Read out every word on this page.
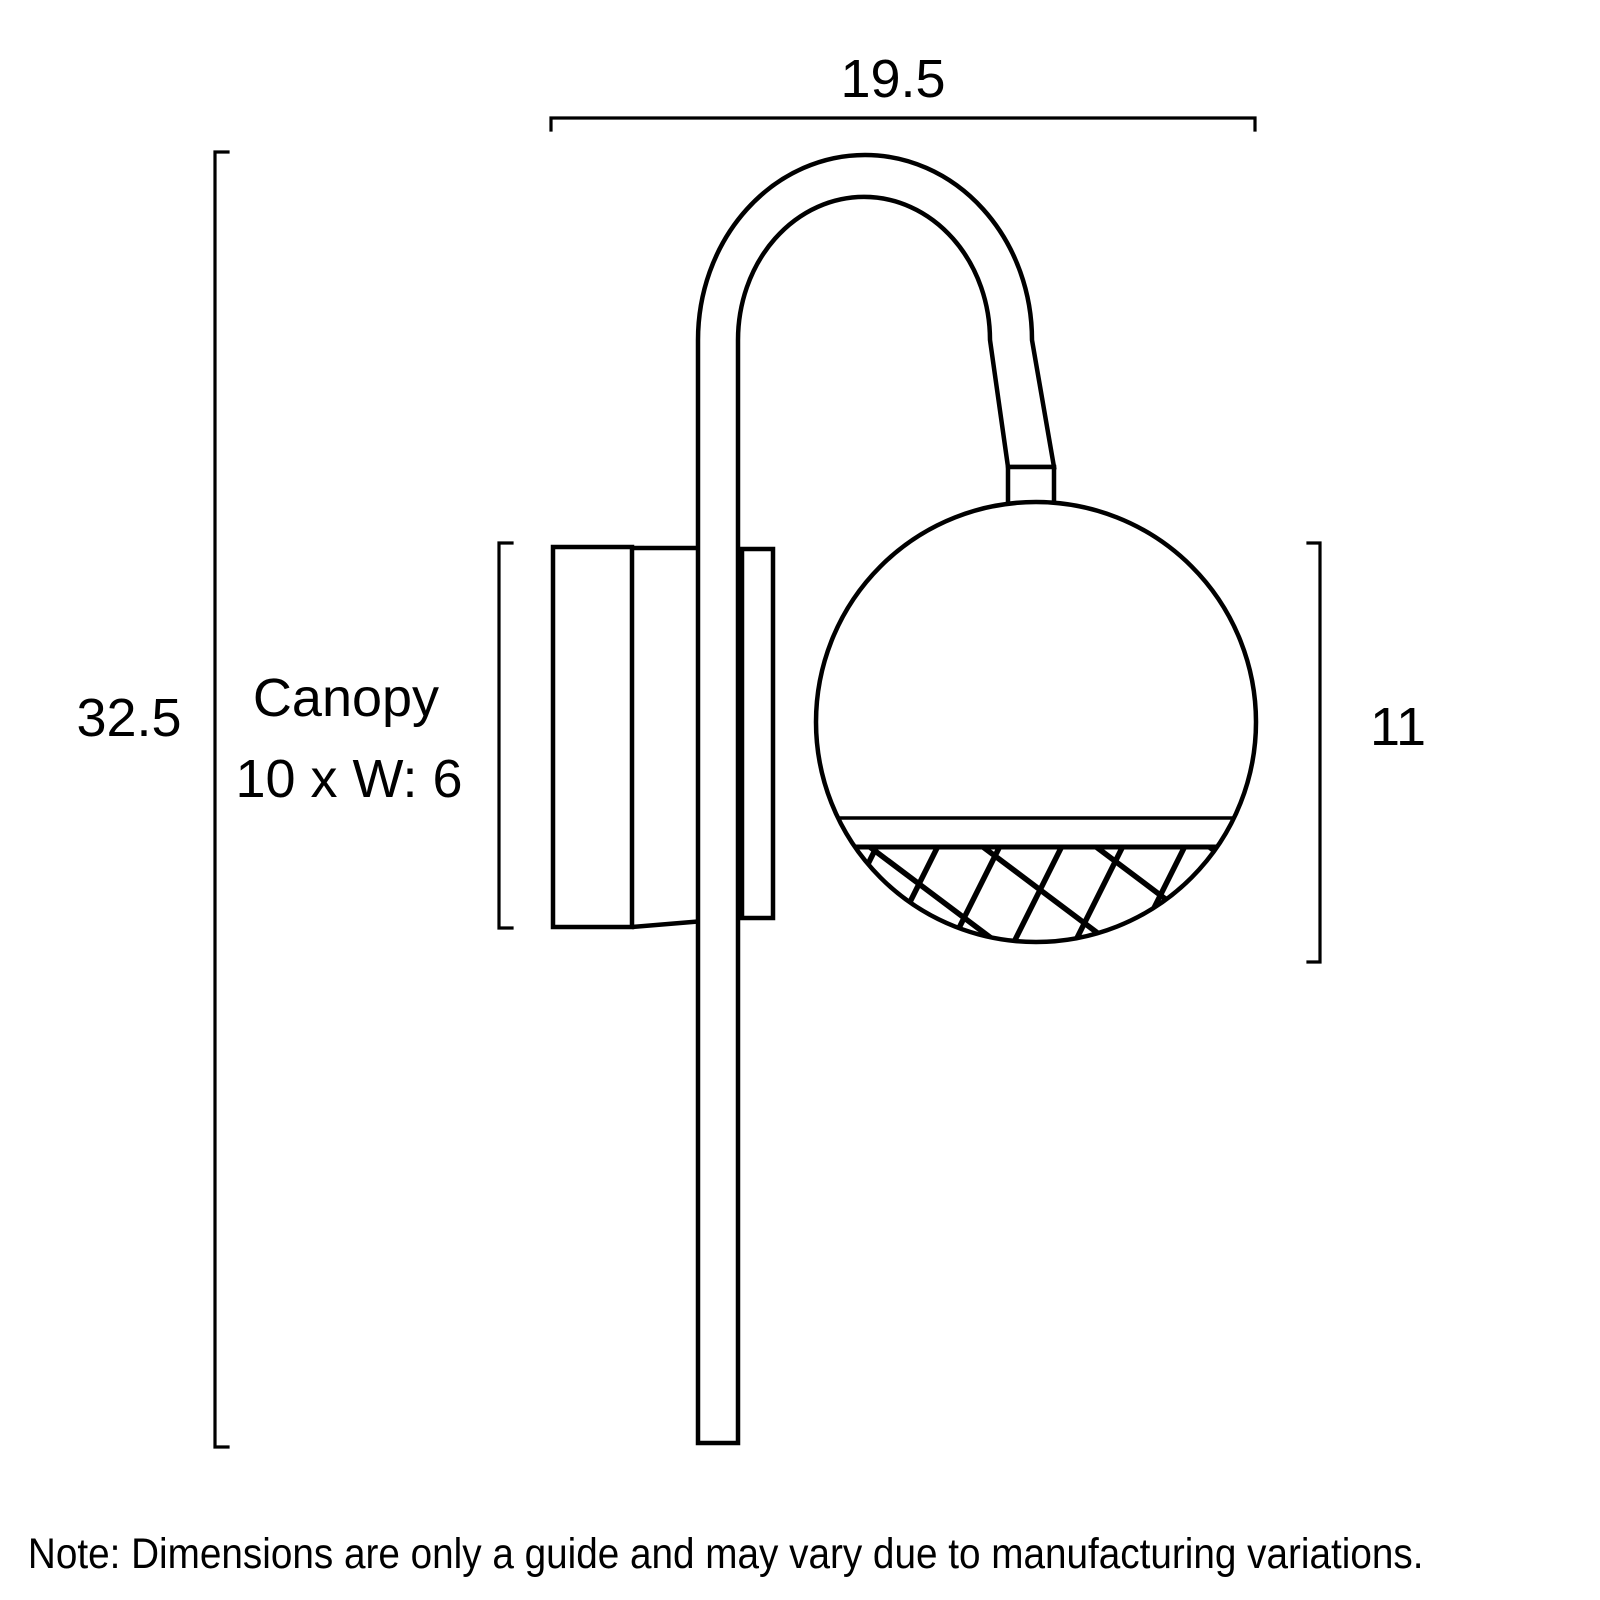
19.5
32.5 Canopy
10 x W: 6
11
Note: Dimensions are only a guide and may vary due to manufacturing variations.
